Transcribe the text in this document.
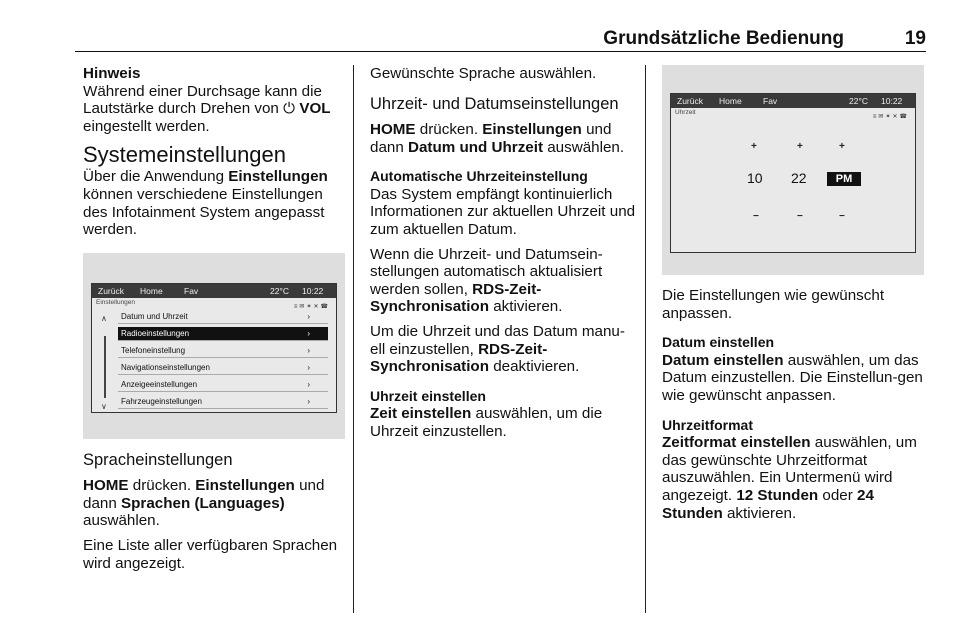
Grundsätzliche Bedienung	19

Hinweis

Während einer Durchsage kann die Lautstärke durch Drehen von ⏻ VOL eingestellt werden.

Systemeinstellungen

Über die Anwendung Einstellungen können verschiedene Einstellungen des Infotainment System angepasst werden.

Zurück Home	Fav	22°C 10:22
Einstellungen
≡✉✶✕☎
∧
∨
Datum und Uhrzeit	›
Radioeinstellungen	›
Telefoneinstellung	›
Navigationseinstellungen	›
Anzeigeeinstellungen	›
Fahrzeugeinstellungen	›
Spracheinstellungen

HOME drücken. Einstellungen und dann Sprachen (Languages) auswählen.

Eine Liste aller verfügbaren Sprachen wird angezeigt.

Gewünschte Sprache auswählen.

Uhrzeit- und Datumseinstellungen

HOME drücken. Einstellungen und dann Datum und Uhrzeit auswählen.

Automatische Uhrzeiteinstellung

Das System empfängt kontinuierlich Informationen zur aktuellen Uhrzeit und zum aktuellen Datum.

Wenn die Uhrzeit- und Datumsein-stellungen automatisch aktualisiert werden sollen, RDS-Zeit-Synchronisation aktivieren.

Um die Uhrzeit und das Datum manu-ell einzustellen, RDS-Zeit-Synchronisation deaktivieren.

Uhrzeit einstellen

Zeit einstellen auswählen, um die Uhrzeit einzustellen.

Zurück Home	Fav	22°C 10:22
Uhrzeit
≡✉✶✕☎
+	+	+
10 22	PM
−	−	−

Die Einstellungen wie gewünscht anpassen.

Datum einstellen

Datum einstellen auswählen, um das Datum einzustellen. Die Einstellun-gen wie gewünscht anpassen.

Uhrzeitformat

Zeitformat einstellen auswählen, um das gewünschte Uhrzeitformat auszuwählen. Ein Untermenü wird angezeigt. 12 Stunden oder 24 Stunden aktivieren.
